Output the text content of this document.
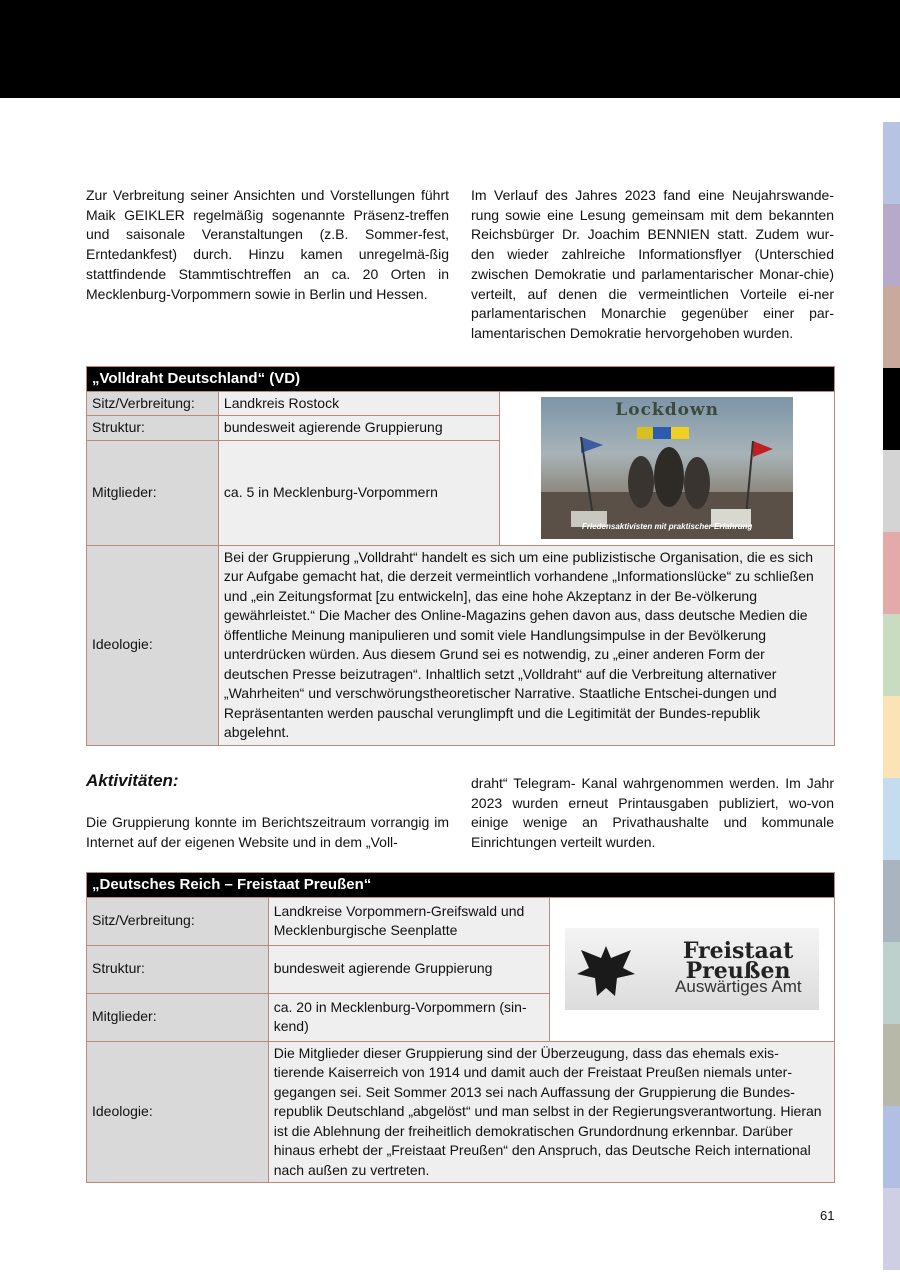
Zur Verbreitung seiner Ansichten und Vorstellungen führt Maik GEIKLER regelmäßig sogenannte Präsenz-treffen und saisonale Veranstaltungen (z.B. Sommer-fest, Erntedankfest) durch. Hinzu kamen unregelmä-ßig stattfindende Stammtischtreffen an ca. 20 Orten in Mecklenburg-Vorpommern sowie in Berlin und Hessen.
Im Verlauf des Jahres 2023 fand eine Neujahrswande-rung sowie eine Lesung gemeinsam mit dem bekannten Reichsbürger Dr. Joachim BENNIEN statt. Zudem wur-den wieder zahlreiche Informationsflyer (Unterschied zwischen Demokratie und parlamentarischer Monar-chie) verteilt, auf denen die vermeintlichen Vorteile ei-ner parlamentarischen Monarchie gegenüber einer par-lamentarischen Demokratie hervorgehoben wurden.
„Volldraht Deutschland“ (VD)		
Sitz/Verbreitung:	Landkreis Rostock	Lockdown
Friedensaktivisten mit praktischer Erfahrung

Struktur:	bundesweit agierende Gruppierung	
Mitglieder:	ca. 5 in Mecklenburg-Vorpommern	
Ideologie:	Bei der Gruppierung „Volldraht“ handelt es sich um eine publizistische Organisation, die es sich zur Aufgabe gemacht hat, die derzeit vermeintlich vorhandene „Informationslücke“ zu schließen und „ein Zeitungsformat [zu entwickeln], das eine hohe Akzeptanz in der Be-völkerung gewährleistet.“ Die Macher des Online-Magazins gehen davon aus, dass deutsche Medien die öffentliche Meinung manipulieren und somit viele Handlungsimpulse in der Bevölkerung unterdrücken würden. Aus diesem Grund sei es notwendig, zu „einer anderen Form der deutschen Presse beizutragen“. Inhaltlich setzt „Volldraht“ auf die Verbreitung alternativer „Wahrheiten“ und verschwörungstheoretischer Narrative. Staatliche Entschei-dungen und Repräsentanten werden pauschal verunglimpft und die Legitimität der Bundes-republik abgelehnt.	
Aktivitäten:
Die Gruppierung konnte im Berichtszeitraum vorrangig im Internet auf der eigenen Website und in dem „Voll-
draht“ Telegram- Kanal wahrgenommen werden. Im Jahr 2023 wurden erneut Printausgaben publiziert, wo-von einige wenige an Privathaushalte und kommunale Einrichtungen verteilt wurden.
„Deutsches Reich – Freistaat Preußen“		
Sitz/Verbreitung:	Landkreise Vorpommern-Greifswald und Mecklenburgische Seenplatte	Freistaat Preußen
Auswärtiges Amt

Struktur:	bundesweit agierende Gruppierung	
Mitglieder:	ca. 20 in Mecklenburg-Vorpommern (sin-kend)	
Ideologie:	Die Mitglieder dieser Gruppierung sind der Überzeugung, dass das ehemals exis-tierende Kaiserreich von 1914 und damit auch der Freistaat Preußen niemals unter-gegangen sei. Seit Sommer 2013 sei nach Auffassung der Gruppierung die Bundes-republik Deutschland „abgelöst“ und man selbst in der Regierungsverantwortung. Hieran ist die Ablehnung der freiheitlich demokratischen Grundordnung erkennbar. Darüber hinaus erhebt der „Freistaat Preußen“ den Anspruch, das Deutsche Reich international nach außen zu vertreten.	
61
